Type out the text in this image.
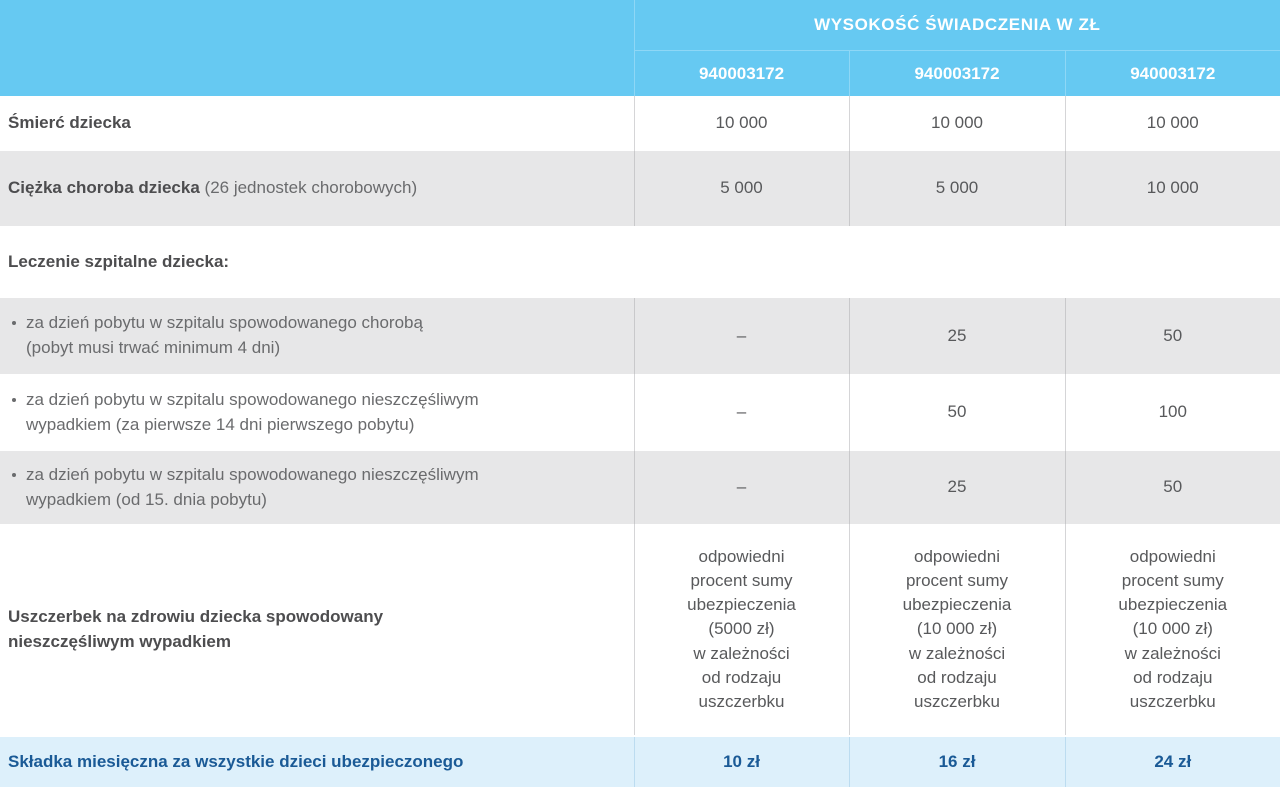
	WYSOKOŚĆ ŚWIADCZENIA W ZŁ		
	940003172	940003172	940003172
Śmierć dziecka	10 000	10 000	10 000
Ciężka choroba dziecka (26 jednostek chorobowych)	5 000	5 000	10 000
Leczenie szpitalne dziecka:			

za dzień pobytu w szpitalu spowodowanego chorobą
(pobyt musi trwać minimum 4 dni)	–	25	50

za dzień pobytu w szpitalu spowodowanego nieszczęśliwym
wypadkiem (za pierwsze 14 dni pierwszego pobytu)	–	50	100

za dzień pobytu w szpitalu spowodowanego nieszczęśliwym
wypadkiem (od 15. dnia pobytu)	–	25	50
Uszczerbek na zdrowiu dziecka spowodowany
nieszczęśliwym wypadkiem	odpowiedni
procent sumy
ubezpieczenia
(5000 zł)
w zależności
od rodzaju
uszczerbku	odpowiedni
procent sumy
ubezpieczenia
(10 000 zł)
w zależności
od rodzaju
uszczerbku	odpowiedni
procent sumy
ubezpieczenia
(10 000 zł)
w zależności
od rodzaju
uszczerbku
Składka miesięczna za wszystkie dzieci ubezpieczonego	10 zł	16 zł	24 zł
